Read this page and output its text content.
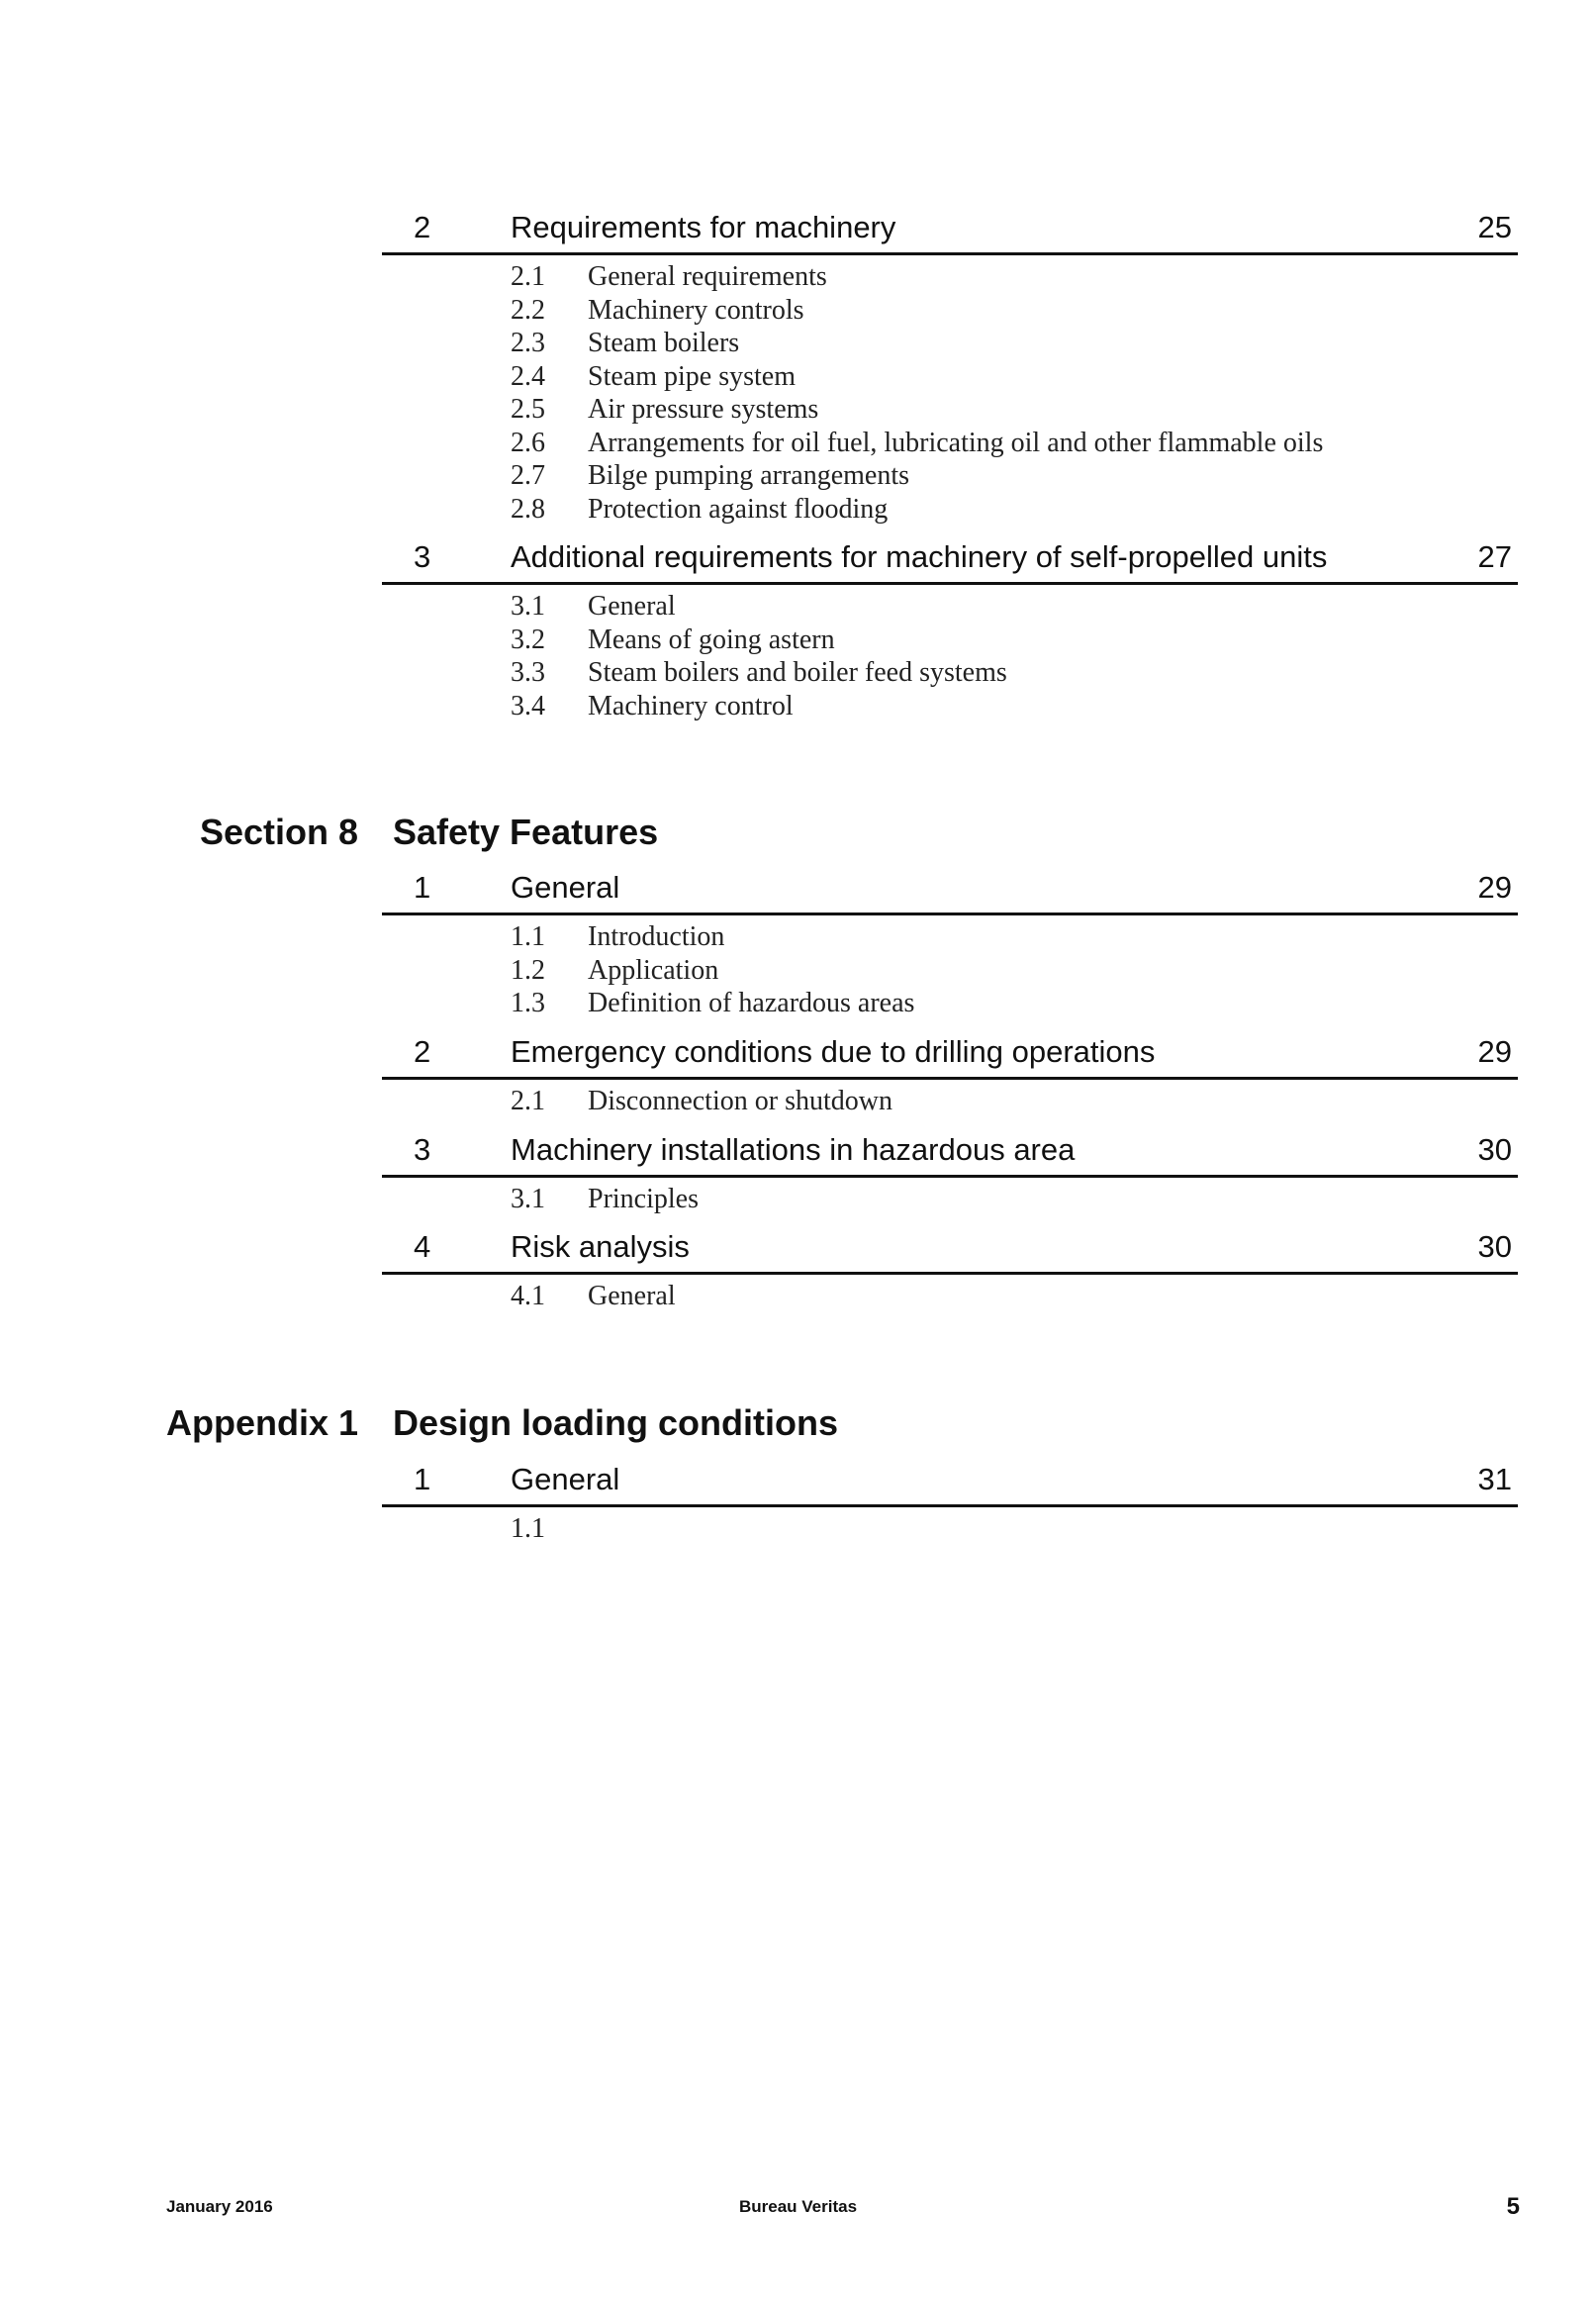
2	Requirements for machinery	25
2.1 General requirements
2.2 Machinery controls
2.3 Steam boilers
2.4 Steam pipe system
2.5 Air pressure systems
2.6 Arrangements for oil fuel, lubricating oil and other flammable oils
2.7 Bilge pumping arrangements
2.8 Protection against flooding
3	Additional requirements for machinery of self-propelled units	27
3.1 General
3.2 Means of going astern
3.3 Steam boilers and boiler feed systems
3.4 Machinery control
Section 8 Safety Features
1	General	29
1.1 Introduction
1.2 Application
1.3 Definition of hazardous areas
2	Emergency conditions due to drilling operations	29
2.1 Disconnection or shutdown
3	Machinery installations in hazardous area	30
3.1 Principles
4	Risk analysis	30
4.1 General
Appendix 1 Design loading conditions
1	General	31
1.1
January 2016	Bureau Veritas	5
